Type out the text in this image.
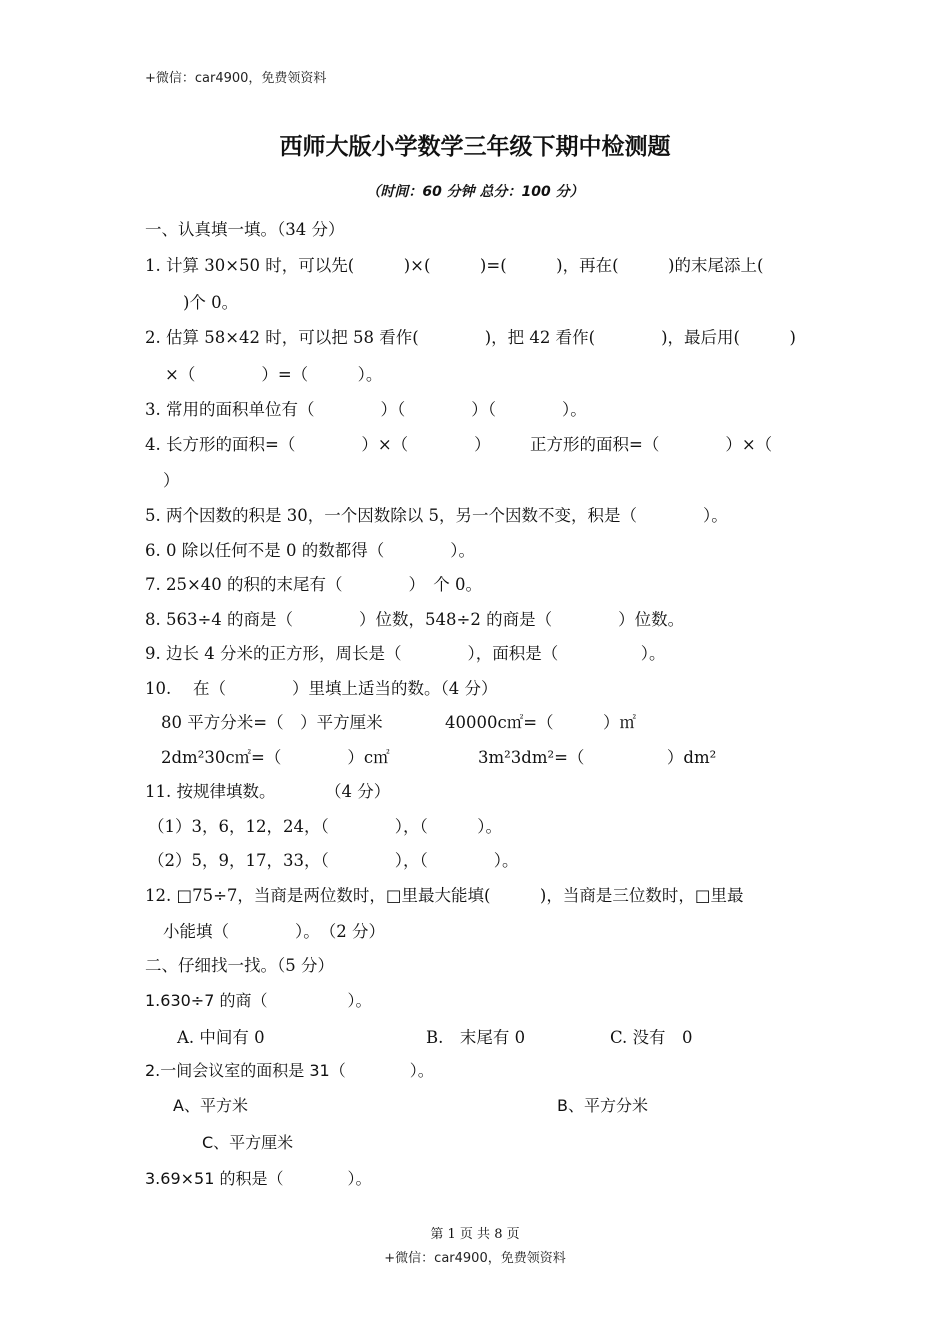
+微信：car4900，免费领资料
西师大版小学数学三年级下期中检测题
（时间：60 分钟 总分：100 分）
一、认真填一填。（34 分）
1. 计算 30×50 时，可以先(　　　)×(　　　)=(　　　)，再在(　　　)的末尾添上(
)个 0。
2. 估算 58×42 时，可以把 58 看作(　　　　)，把 42 看作(　　　　)，最后用(　　　)
×（　　　　）=（　　　）。
3. 常用的面积单位有（　　　　）（　　　　）（　　　　）。
4. 长方形的面积=（　　　　）×（　　　　） 正方形的面积=（　　　　）×（
）
5. 两个因数的积是 30，一个因数除以 5，另一个因数不变，积是（　　　　）。
6. 0 除以任何不是 0 的数都得（　　　　）。
7. 25×40 的积的末尾有（　　　　）　个 0。
8. 563÷4 的商是（　　　　）位数，548÷2 的商是（　　　　）位数。
9. 边长 4 分米的正方形，周长是（　　　　），面积是（　　　　　）。
10.　 在（　　　　）里填上适当的数。（4 分）
80 平方分米=（　）平方厘米	40000c㎡=（　　　）㎡
2dm²30c㎡=（　　　　）c㎡	3m²3dm²=（　　　　　）dm²
11. 按规律填数。　　　　（4 分）
（1）3，6，12，24，（　　　　），（　　　）。
（2）5，9，17，33，（　　　　），（　　　　）。
12. □75÷7，当商是两位数时，□里最大能填(　　　)，当商是三位数时，□里最
小能填（　　　　）。　（2 分）
二、仔细找一找。（5 分）
1.630÷7 的商（　　　　　）。
A. 中间有 0	B.　末尾有 0	C. 没有　0
2.一间会议室的面积是 31（　　　　）。
A、平方米	B、平方分米
C、平方厘米
3.69×51 的积是（　　　　）。
第 1 页 共 8 页
+微信：car4900，免费领资料
